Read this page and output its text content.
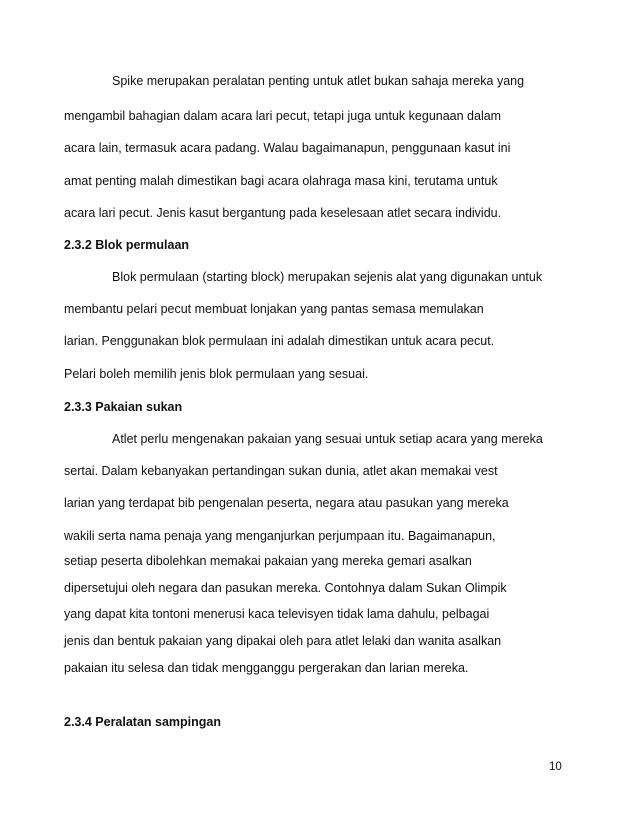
Spike merupakan peralatan penting untuk atlet bukan sahaja mereka yang

mengambil bahagian dalam acara lari pecut, tetapi juga untuk kegunaan dalam

acara lain, termasuk acara padang. Walau bagaimanapun, penggunaan kasut ini

amat penting malah dimestikan bagi acara olahraga masa kini, terutama untuk

acara lari pecut. Jenis kasut bergantung pada keselesaan atlet secara individu.

2.3.2 Blok permulaan

Blok permulaan (starting block) merupakan sejenis alat yang digunakan untuk

membantu pelari pecut membuat lonjakan yang pantas semasa memulakan

larian. Penggunakan blok permulaan ini adalah dimestikan untuk acara pecut.

Pelari boleh memilih jenis blok permulaan yang sesuai.

2.3.3 Pakaian sukan

Atlet perlu mengenakan pakaian yang sesuai untuk setiap acara yang mereka

sertai. Dalam kebanyakan pertandingan sukan dunia, atlet akan memakai vest

larian yang terdapat bib pengenalan peserta, negara atau pasukan yang mereka

wakili serta nama penaja yang menganjurkan perjumpaan itu. Bagaimanapun,

setiap peserta dibolehkan memakai pakaian yang mereka gemari asalkan

dipersetujui oleh negara dan pasukan mereka. Contohnya dalam Sukan Olimpik

yang dapat kita tontoni menerusi kaca televisyen tidak lama dahulu, pelbagai

jenis dan bentuk pakaian yang dipakai oleh para atlet lelaki dan wanita asalkan

pakaian itu selesa dan tidak mengganggu pergerakan dan larian mereka.

2.3.4 Peralatan sampingan

10
